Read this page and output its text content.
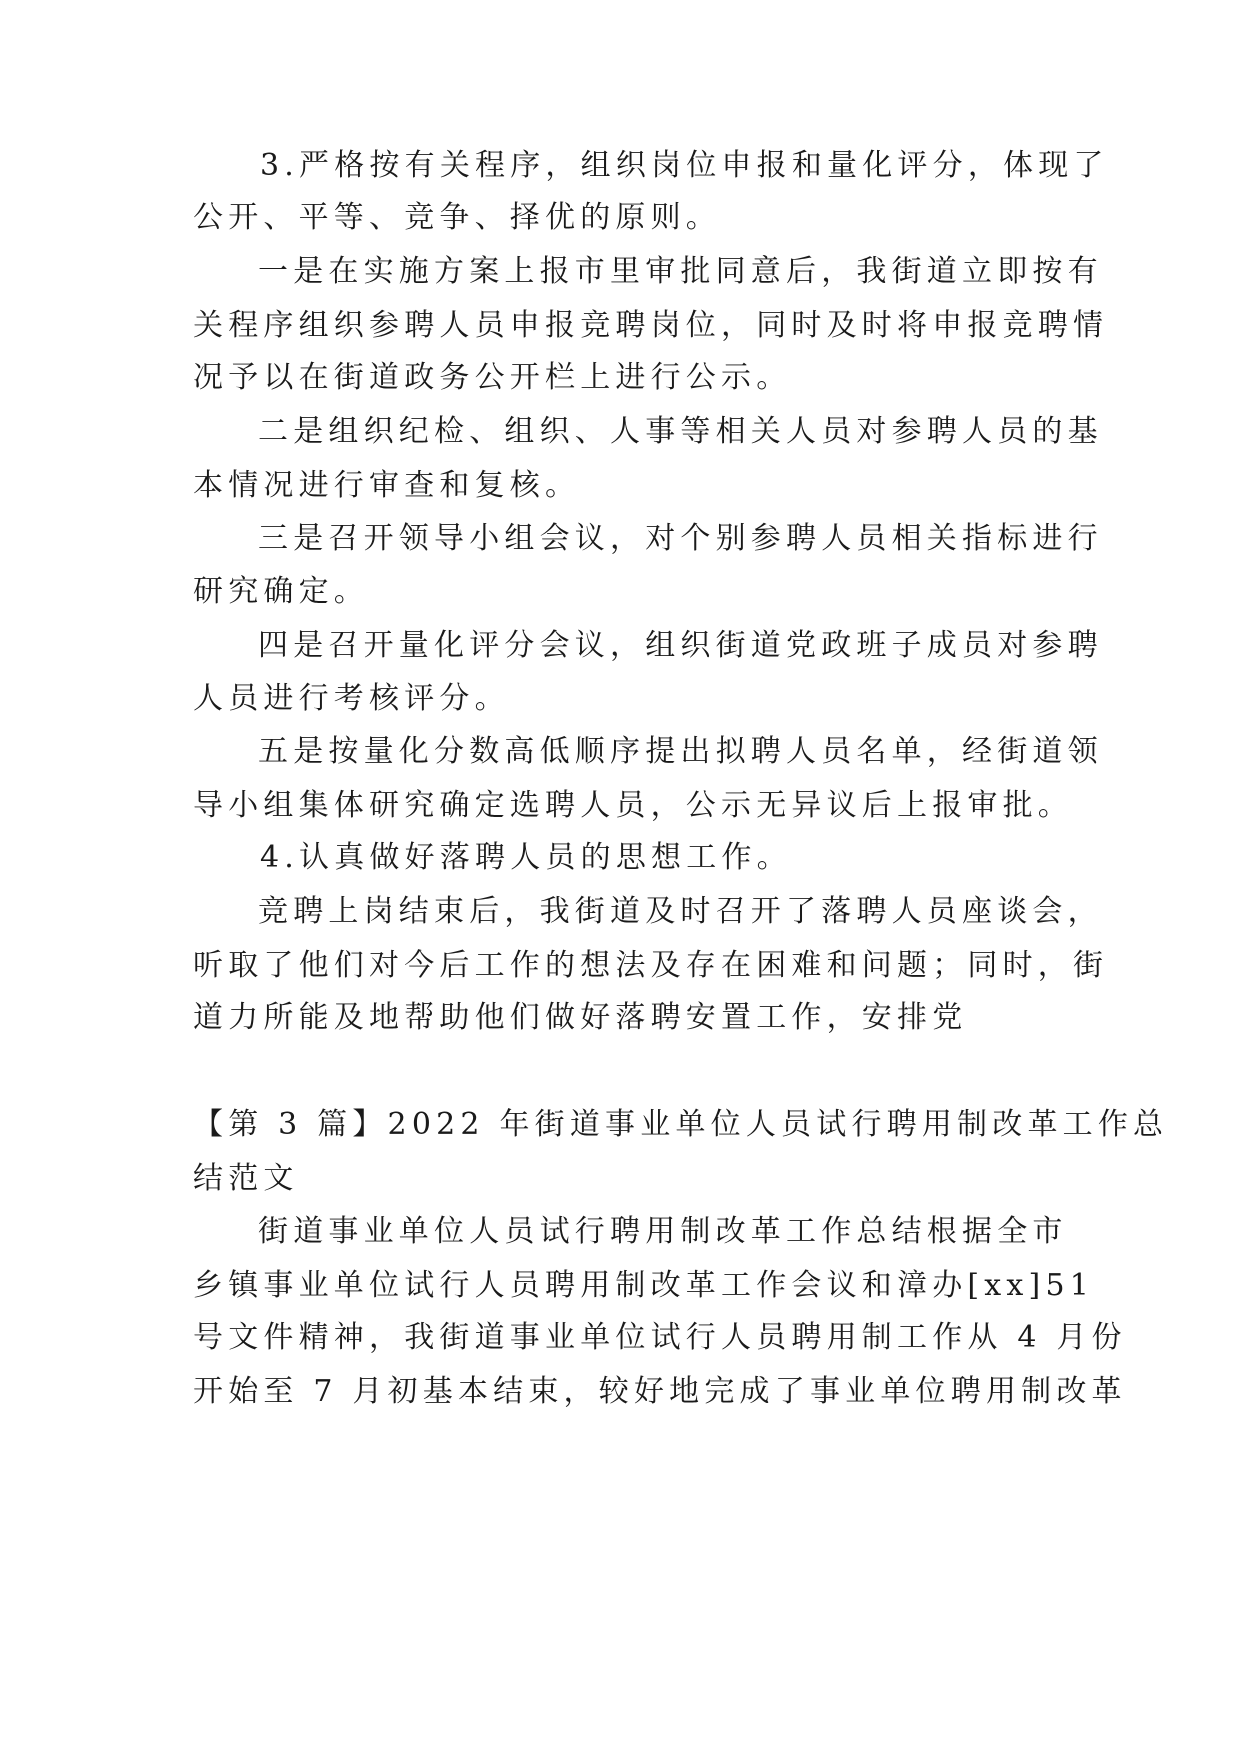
3.严格按有关程序，组织岗位申报和量化评分，体现了
公开、平等、竞争、择优的原则。
一是在实施方案上报市里审批同意后，我街道立即按有
关程序组织参聘人员申报竞聘岗位，同时及时将申报竞聘情
况予以在街道政务公开栏上进行公示。
二是组织纪检、组织、人事等相关人员对参聘人员的基
本情况进行审查和复核。
三是召开领导小组会议，对个别参聘人员相关指标进行
研究确定。
四是召开量化评分会议，组织街道党政班子成员对参聘
人员进行考核评分。
五是按量化分数高低顺序提出拟聘人员名单，经街道领
导小组集体研究确定选聘人员，公示无异议后上报审批。
4.认真做好落聘人员的思想工作。
竞聘上岗结束后，我街道及时召开了落聘人员座谈会，
听取了他们对今后工作的想法及存在困难和问题；同时，街
道力所能及地帮助他们做好落聘安置工作，安排党
【第 3 篇】2022 年街道事业单位人员试行聘用制改革工作总
结范文
街道事业单位人员试行聘用制改革工作总结根据全市
乡镇事业单位试行人员聘用制改革工作会议和漳办[xx]51
号文件精神，我街道事业单位试行人员聘用制工作从 4 月份
开始至 7 月初基本结束，较好地完成了事业单位聘用制改革
